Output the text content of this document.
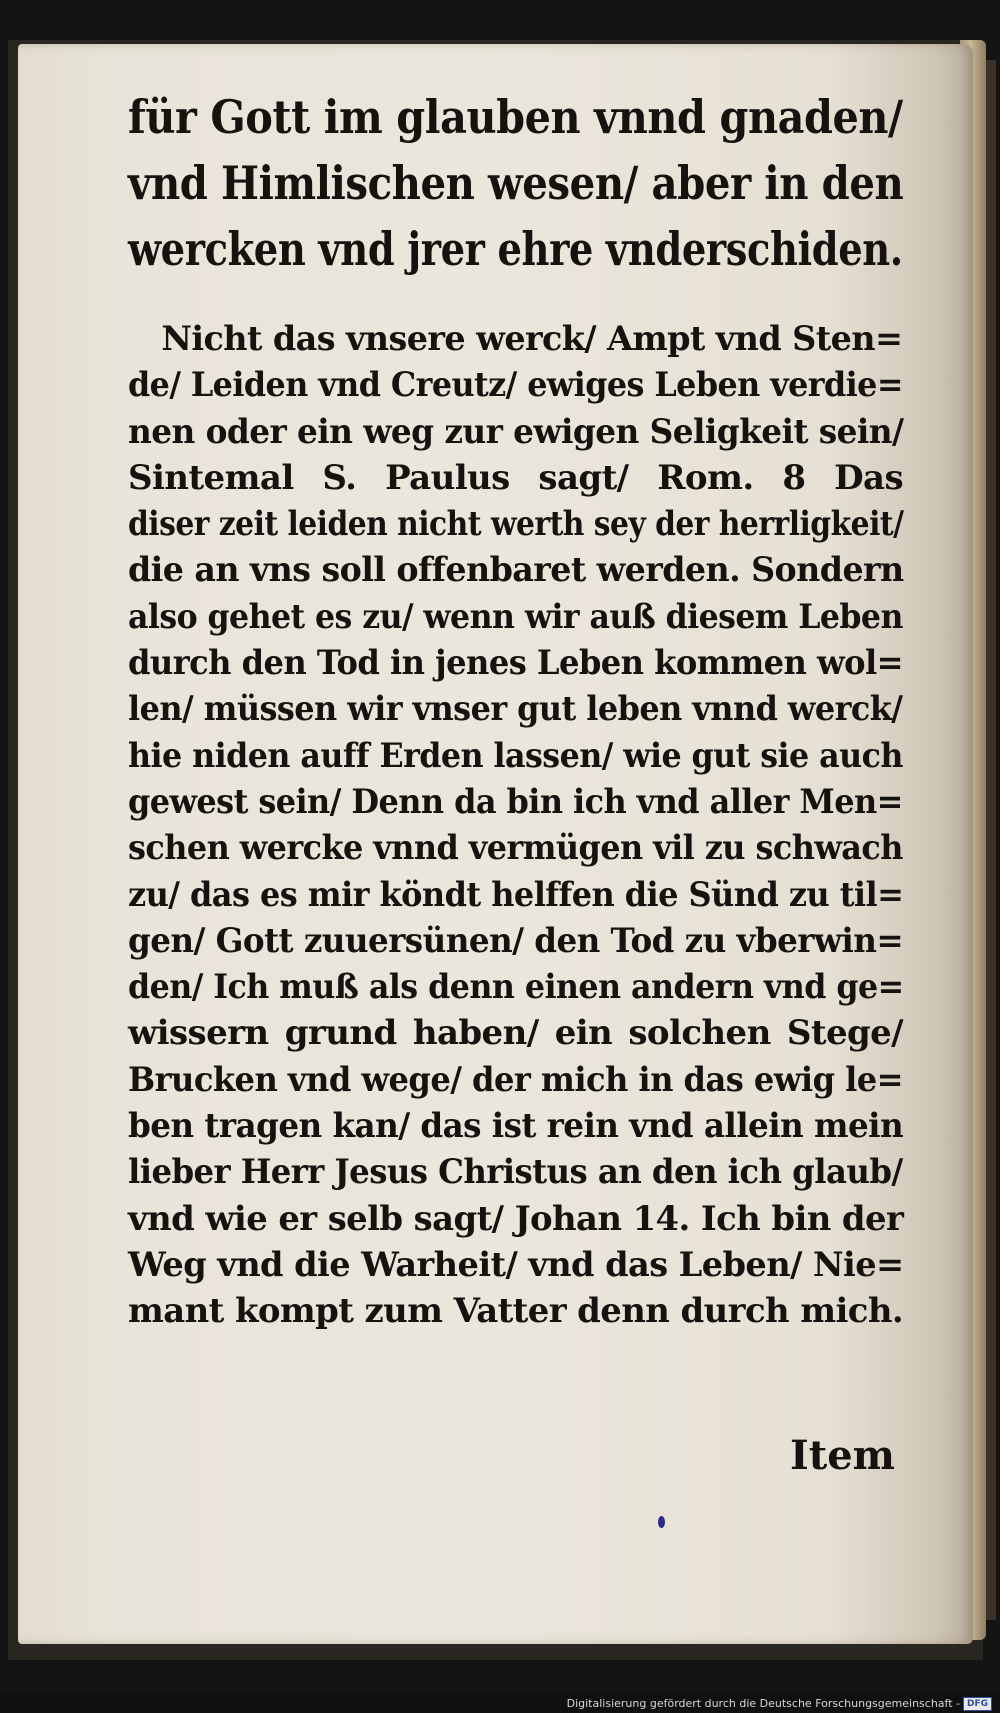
für Gott im glauben vnnd gnaden/
vnd Himlischen wesen/ aber in den
wercken vnd jrer ehre vnderschiden.
Nicht das vnsere werck/ Ampt vnd Sten=
de/ Leiden vnd Creutz/ ewiges Leben verdie=
nen oder ein weg zur ewigen Seligkeit sein/
Sintemal S. Paulus sagt/ Rom. 8 Das
diser zeit leiden nicht werth sey der herrligkeit/
die an vns soll offenbaret werden. Sondern
also gehet es zu/ wenn wir auß diesem Leben
durch den Tod in jenes Leben kommen wol=
len/ müssen wir vnser gut leben vnnd werck/
hie niden auff Erden lassen/ wie gut sie auch
gewest sein/ Denn da bin ich vnd aller Men=
schen wercke vnnd vermügen vil zu schwach
zu/ das es mir köndt helffen die Sünd zu til=
gen/ Gott zuuersünen/ den Tod zu vberwin=
den/ Ich muß als denn einen andern vnd ge=
wissern grund haben/ ein solchen Stege/
Brucken vnd wege/ der mich in das ewig le=
ben tragen kan/ das ist rein vnd allein mein
lieber Herr Jesus Christus an den ich glaub/
vnd wie er selb sagt/ Johan 14. Ich bin der
Weg vnd die Warheit/ vnd das Leben/ Nie=
mant kompt zum Vatter denn durch mich.
Item
Digitalisierung gefördert durch die Deutsche Forschungsgemeinschaft - DFG
